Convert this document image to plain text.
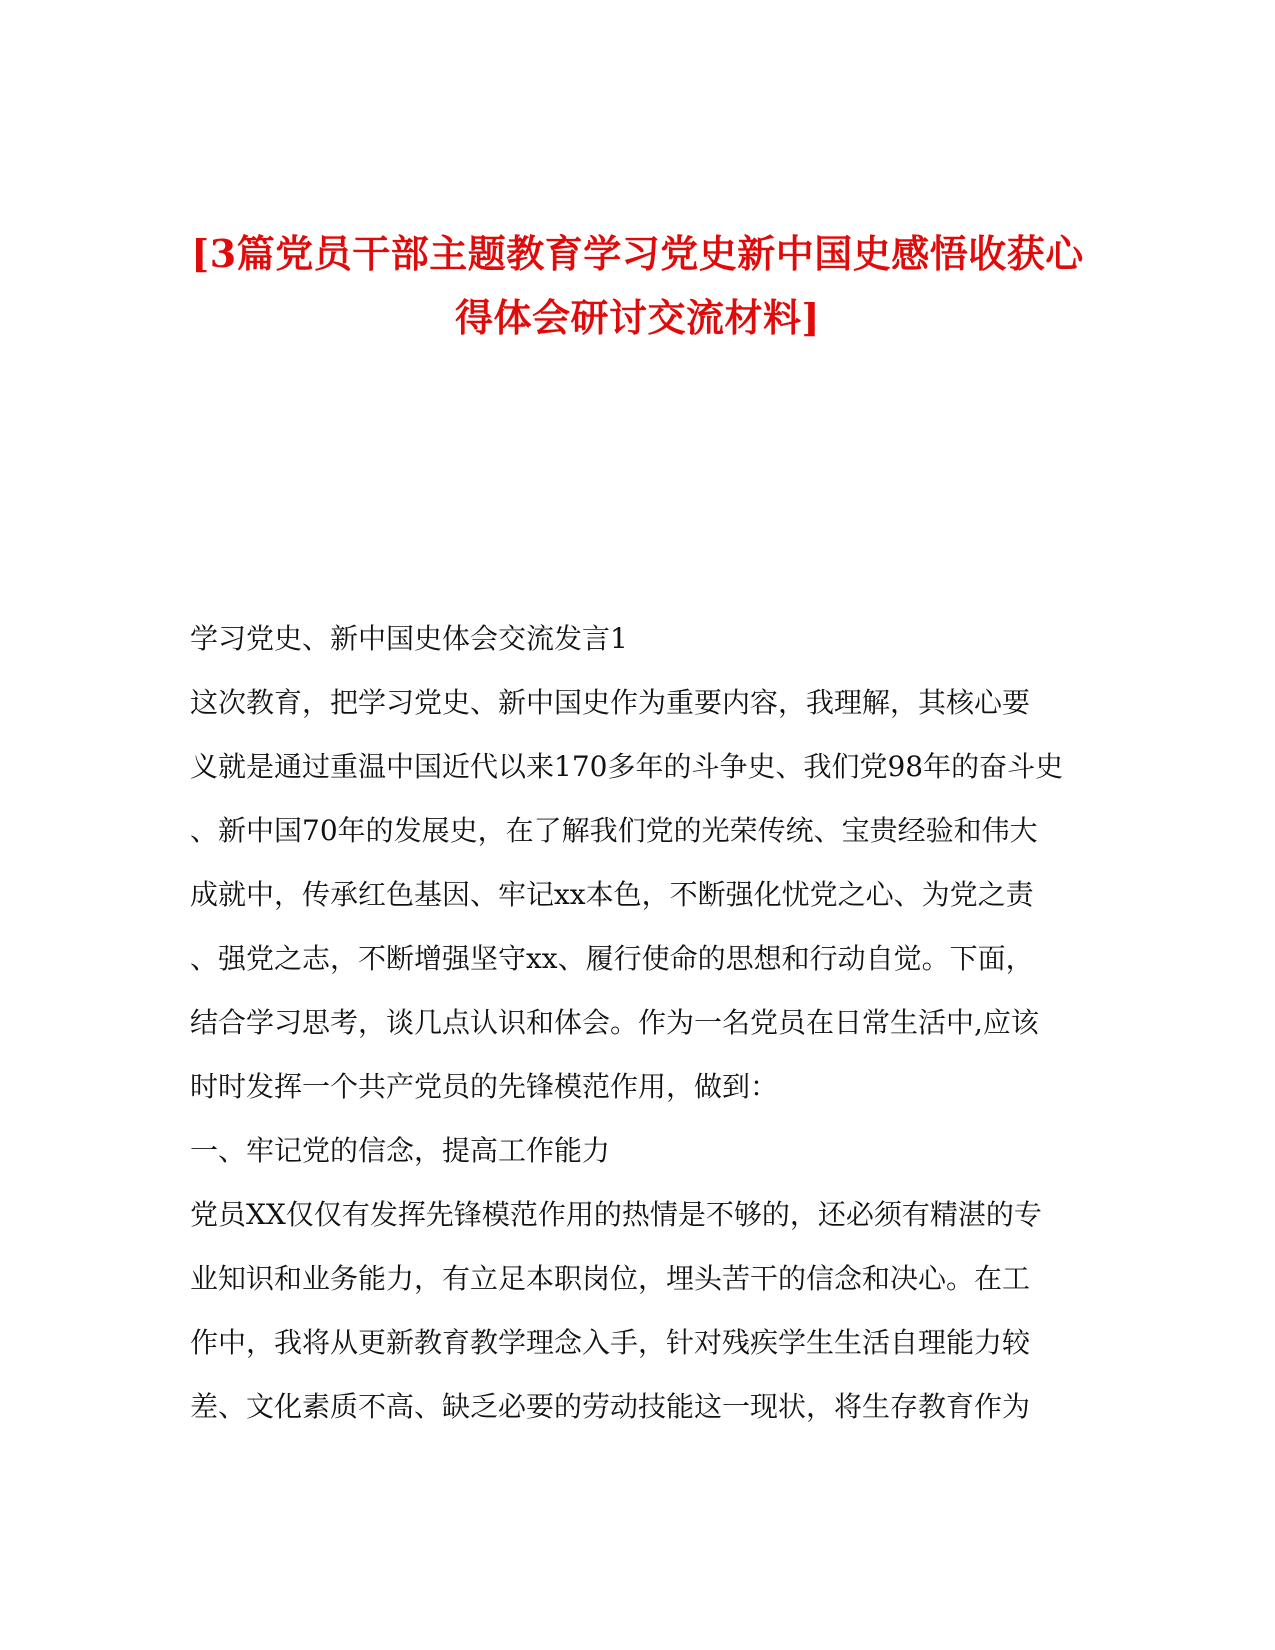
[3篇党员干部主题教育学习党史新中国史感悟收获心
得体会研讨交流材料]
学习党史、新中国史体会交流发言1
这次教育，把学习党史、新中国史作为重要内容，我理解，其核心要
义就是通过重温中国近代以来170多年的斗争史、我们党98年的奋斗史
、新中国70年的发展史，在了解我们党的光荣传统、宝贵经验和伟大
成就中，传承红色基因、牢记xx本色，不断强化忧党之心、为党之责
、强党之志，不断增强坚守xx、履行使命的思想和行动自觉。下面，
结合学习思考，谈几点认识和体会。作为一名党员在日常生活中,应该
时时发挥一个共产党员的先锋模范作用，做到：
一、牢记党的信念，提高工作能力
党员XX仅仅有发挥先锋模范作用的热情是不够的，还必须有精湛的专
业知识和业务能力，有立足本职岗位，埋头苦干的信念和决心。在工
作中，我将从更新教育教学理念入手，针对残疾学生生活自理能力较
差、文化素质不高、缺乏必要的劳动技能这一现状，将生存教育作为
